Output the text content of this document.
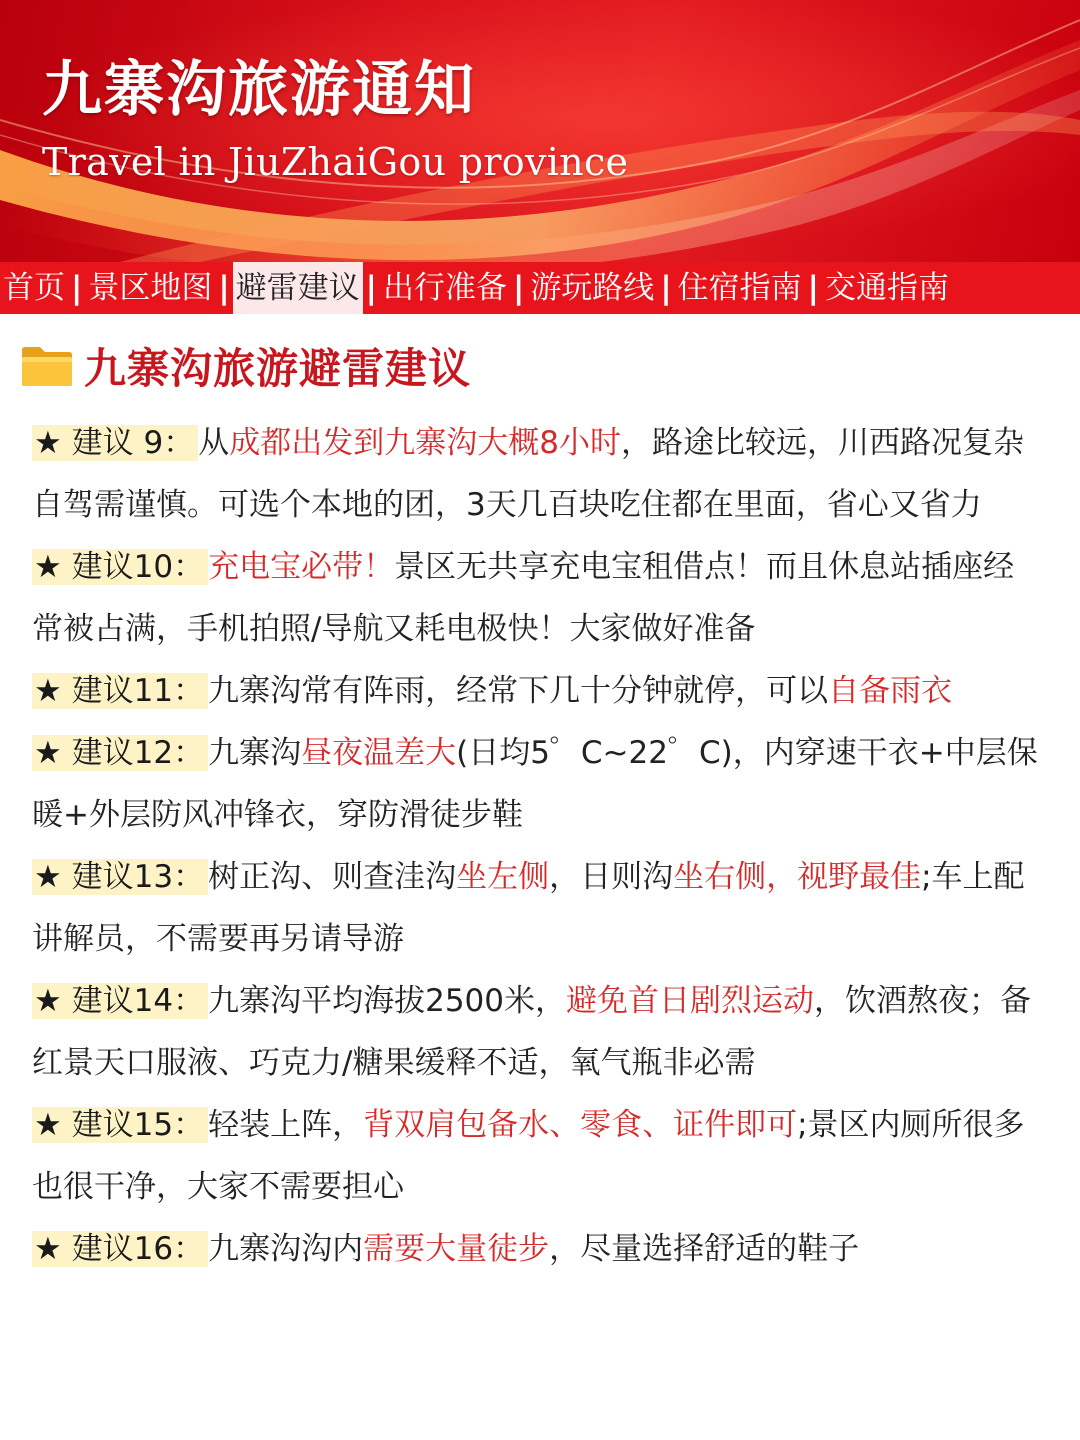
九寨沟旅游通知

Travel in JiuZhaiGou province

首页 | 景区地图 | 避雷建议 | 出行准备 | 游玩路线 | 住宿指南 | 交通指南
九寨沟旅游避雷建议

★ 建议 9： 从成都出发到九寨沟大概8小时，路途比较远，川西路况复杂自驾需谨慎。可选个本地的团，3天几百块吃住都在里面，省心又省力

★ 建议10： 充电宝必带！景区无共享充电宝租借点！而且休息站插座经常被占满，手机拍照/导航又耗电极快！大家做好准备

★ 建议11： 九寨沟常有阵雨，经常下几十分钟就停，可以自备雨衣

★ 建议12： 九寨沟昼夜温差大(日均5゜C~22゜C)，内穿速干衣+中层保暖+外层防风冲锋衣，穿防滑徒步鞋

★ 建议13： 树正沟、则查洼沟坐左侧，日则沟坐右侧，视野最佳;车上配讲解员，不需要再另请导游

★ 建议14： 九寨沟平均海拔2500米，避免首日剧烈运动，饮酒熬夜；备红景天口服液、巧克力/糖果缓释不适，氧气瓶非必需

★ 建议15： 轻装上阵，背双肩包备水、零食、证件即可;景区内厕所很多也很干净，大家不需要担心

★ 建议16： 九寨沟沟内需要大量徒步，尽量选择舒适的鞋子
